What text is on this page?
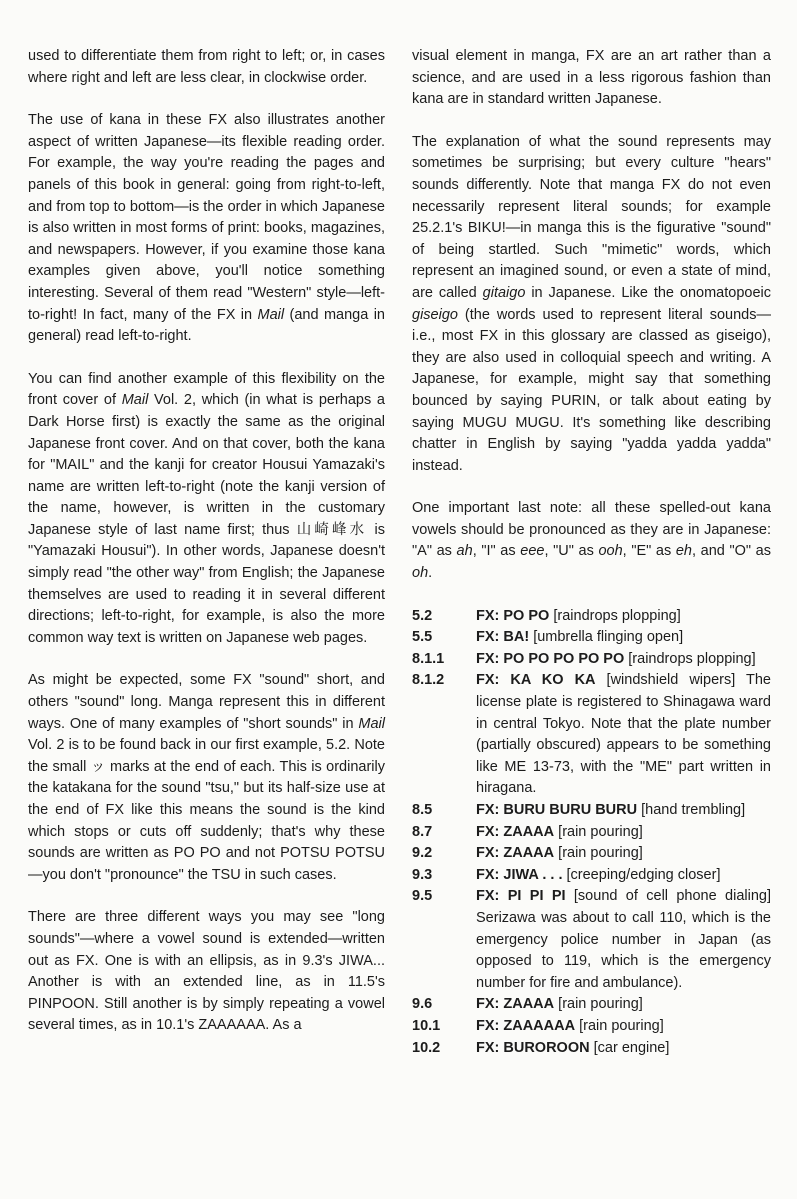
used to differentiate them from right to left; or, in cases where right and left are less clear, in clockwise order.

The use of kana in these FX also illustrates another aspect of written Japanese—its flexible reading order. For example, the way you're reading the pages and panels of this book in general: going from right-to-left, and from top to bottom—is the order in which Japanese is also written in most forms of print: books, magazines, and newspapers. However, if you examine those kana examples given above, you'll notice something interesting. Several of them read "Western" style—left-to-right! In fact, many of the FX in Mail (and manga in general) read left-to-right.

You can find another example of this flexibility on the front cover of Mail Vol. 2, which (in what is perhaps a Dark Horse first) is exactly the same as the original Japanese front cover. And on that cover, both the kana for "MAIL" and the kanji for creator Housui Yamazaki's name are written left-to-right (note the kanji version of the name, however, is written in the customary Japanese style of last name first; thus 山崎峰水 is "Yamazaki Housui"). In other words, Japanese doesn't simply read "the other way" from English; the Japanese themselves are used to reading it in several different directions; left-to-right, for example, is also the more common way text is written on Japanese web pages.

As might be expected, some FX "sound" short, and others "sound" long. Manga represent this in different ways. One of many examples of "short sounds" in Mail Vol. 2 is to be found back in our first example, 5.2. Note the small ッ marks at the end of each. This is ordinarily the katakana for the sound "tsu," but its half-size use at the end of FX like this means the sound is the kind which stops or cuts off suddenly; that's why these sounds are written as PO PO and not POTSU POTSU—you don't "pronounce" the TSU in such cases.

There are three different ways you may see "long sounds"—where a vowel sound is extended—written out as FX. One is with an ellipsis, as in 9.3's JIWA... Another is with an extended line, as in 11.5's PINPOON. Still another is by simply repeating a vowel several times, as in 10.1's ZAAAAAA. As a

visual element in manga, FX are an art rather than a science, and are used in a less rigorous fashion than kana are in standard written Japanese.

The explanation of what the sound represents may sometimes be surprising; but every culture "hears" sounds differently. Note that manga FX do not even necessarily represent literal sounds; for example 25.2.1's BIKU!—in manga this is the figurative "sound" of being startled. Such "mimetic" words, which represent an imagined sound, or even a state of mind, are called gitaigo in Japanese. Like the onomatopoeic giseigo (the words used to represent literal sounds—i.e., most FX in this glossary are classed as giseigo), they are also used in colloquial speech and writing. A Japanese, for example, might say that something bounced by saying PURIN, or talk about eating by saying MUGU MUGU. It's something like describing chatter in English by saying "yadda yadda yadda" instead.

One important last note: all these spelled-out kana vowels should be pronounced as they are in Japanese: "A" as ah, "I" as eee, "U" as ooh, "E" as eh, and "O" as oh.

5.2	FX: PO PO [raindrops plopping]
5.5	FX: BA! [umbrella flinging open]
8.1.1	FX: PO PO PO PO PO [raindrops plopping]
8.1.2	FX: KA KO KA [windshield wipers] The license plate is registered to Shinagawa ward in central Tokyo. Note that the plate number (partially obscured) appears to be something like ME 13-73, with the "ME" part written in hiragana.
8.5	FX: BURU BURU BURU [hand trembling]
8.7	FX: ZAAAA [rain pouring]
9.2	FX: ZAAAA [rain pouring]
9.3	FX: JIWA . . . [creeping/edging closer]
9.5	FX: PI PI PI [sound of cell phone dialing] Serizawa was about to call 110, which is the emergency police number in Japan (as opposed to 119, which is the emergency number for fire and ambulance).
9.6	FX: ZAAAA [rain pouring]
10.1	FX: ZAAAAAA [rain pouring]
10.2	FX: BUROROON [car engine]
